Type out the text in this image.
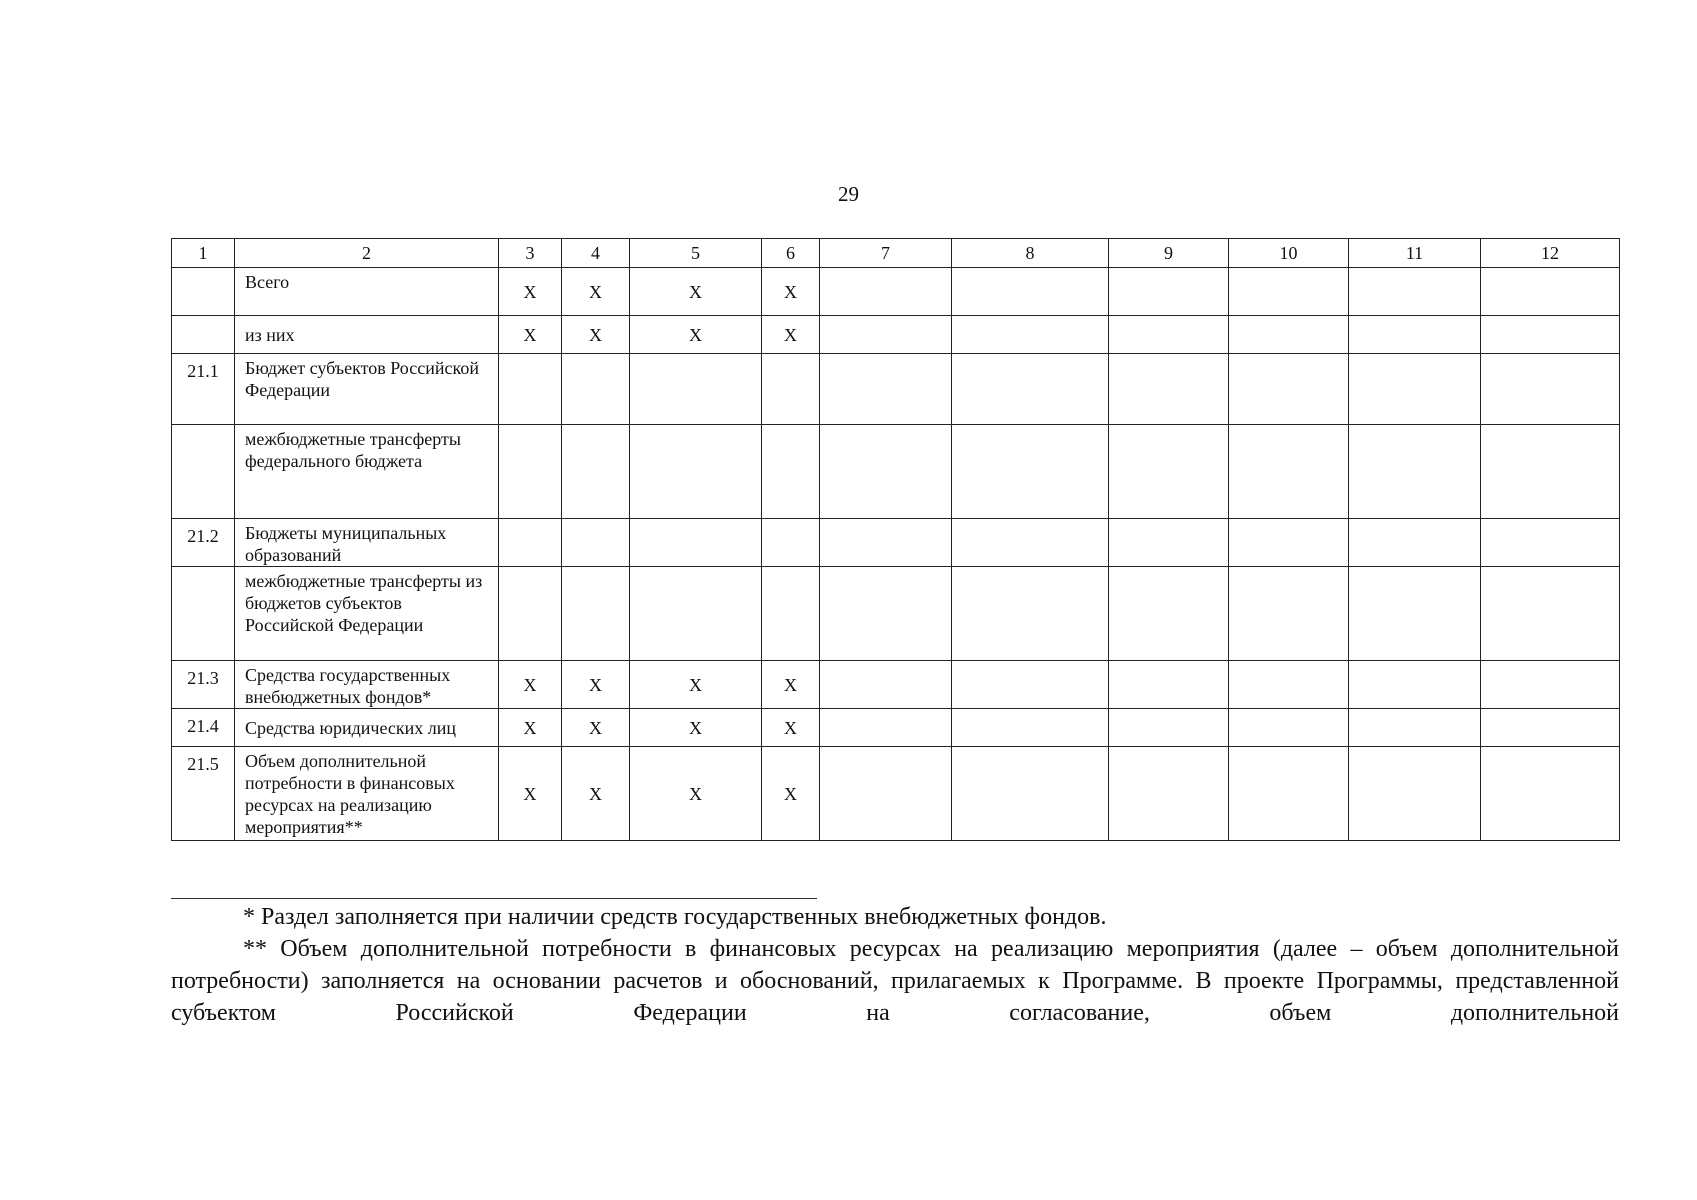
29
1	2	3	4	5	6	7	8	9	10	11	12
	Всего	X	X	X	X						
	из них	X	X	X	X						
21.1	Бюджет субъектов Российской Федерации										
	межбюджетные трансферты федерального бюджета										
21.2	Бюджеты муниципальных образований										
	межбюджетные трансферты из бюджетов субъектов Российской Федерации										
21.3	Средства государственных внебюджетных фондов*	X	X	X	X						
21.4	Средства юридических лиц	X	X	X	X						
21.5	Объем дополнительной потребности в финансовых ресурсах на реализацию мероприятия**	X	X	X	X						

* Раздел заполняется при наличии средств государственных внебюджетных фондов.

** Объем дополнительной потребности в финансовых ресурсах на реализацию мероприятия (далее – объем дополнительной потребности) заполняется на основании расчетов и обоснований, прилагаемых к Программе. В проекте Программы, представленной субъектом Российской Федерации на согласование, объем дополнительной
